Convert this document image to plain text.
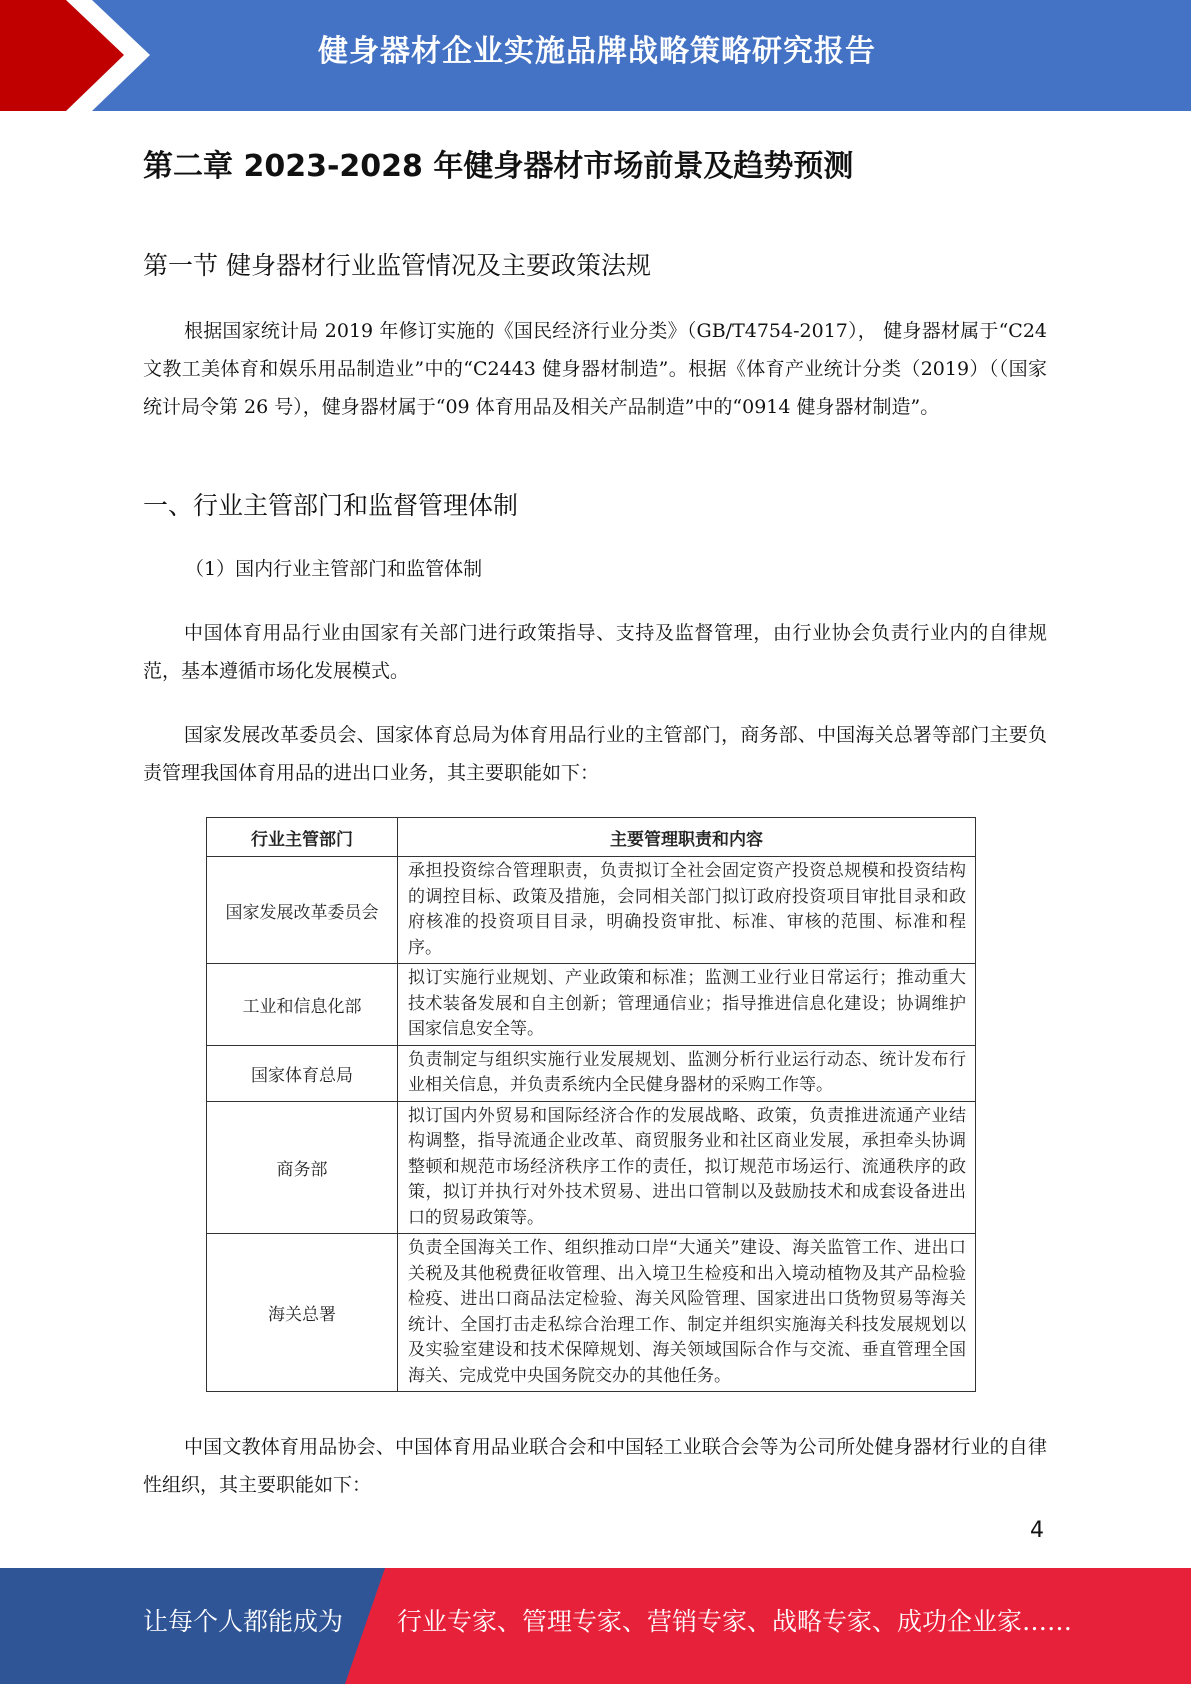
健身器材企业实施品牌战略策略研究报告
第二章 2023-2028 年健身器材市场前景及趋势预测
第一节 健身器材行业监管情况及主要政策法规

根据国家统计局 2019 年修订实施的《国民经济行业分类》（GB/T4754-2017）， 健身器材属于“C24 文教工美体育和娱乐用品制造业”中的“C2443 健身器材制造”。根据《体育产业统计分类（2019）（（国家统计局令第 26 号），健身器材属于“09 体育用品及相关产品制造”中的“0914 健身器材制造”。

一、行业主管部门和监督管理体制
（1）国内行业主管部门和监管体制

中国体育用品行业由国家有关部门进行政策指导、支持及监督管理，由行业协会负责行业内的自律规范，基本遵循市场化发展模式。

国家发展改革委员会、国家体育总局为体育用品行业的主管部门，商务部、中国海关总署等部门主要负责管理我国体育用品的进出口业务，其主要职能如下：

行业主管部门	主要管理职责和内容
国家发展改革委员会	承担投资综合管理职责，负责拟订全社会固定资产投资总规模和投资结构的调控目标、政策及措施，会同相关部门拟订政府投资项目审批目录和政府核准的投资项目目录，明确投资审批、标准、审核的范围、标准和程序。
工业和信息化部	拟订实施行业规划、产业政策和标准；监测工业行业日常运行；推动重大技术装备发展和自主创新；管理通信业；指导推进信息化建设；协调维护国家信息安全等。
国家体育总局	负责制定与组织实施行业发展规划、监测分析行业运行动态、统计发布行业相关信息，并负责系统内全民健身器材的采购工作等。
商务部	拟订国内外贸易和国际经济合作的发展战略、政策，负责推进流通产业结构调整，指导流通企业改革、商贸服务业和社区商业发展，承担牵头协调整顿和规范市场经济秩序工作的责任，拟订规范市场运行、流通秩序的政策，拟订并执行对外技术贸易、进出口管制以及鼓励技术和成套设备进出口的贸易政策等。
海关总署	负责全国海关工作、组织推动口岸“大通关”建设、海关监管工作、进出口关税及其他税费征收管理、出入境卫生检疫和出入境动植物及其产品检验检疫、进出口商品法定检验、海关风险管理、国家进出口货物贸易等海关统计、全国打击走私综合治理工作、制定并组织实施海关科技发展规划以及实验室建设和技术保障规划、海关领域国际合作与交流、垂直管理全国海关、完成党中央国务院交办的其他任务。

中国文教体育用品协会、中国体育用品业联合会和中国轻工业联合会等为公司所处健身器材行业的自律性组织，其主要职能如下：

4
让每个人都能成为 行业专家、管理专家、营销专家、战略专家、成功企业家……
